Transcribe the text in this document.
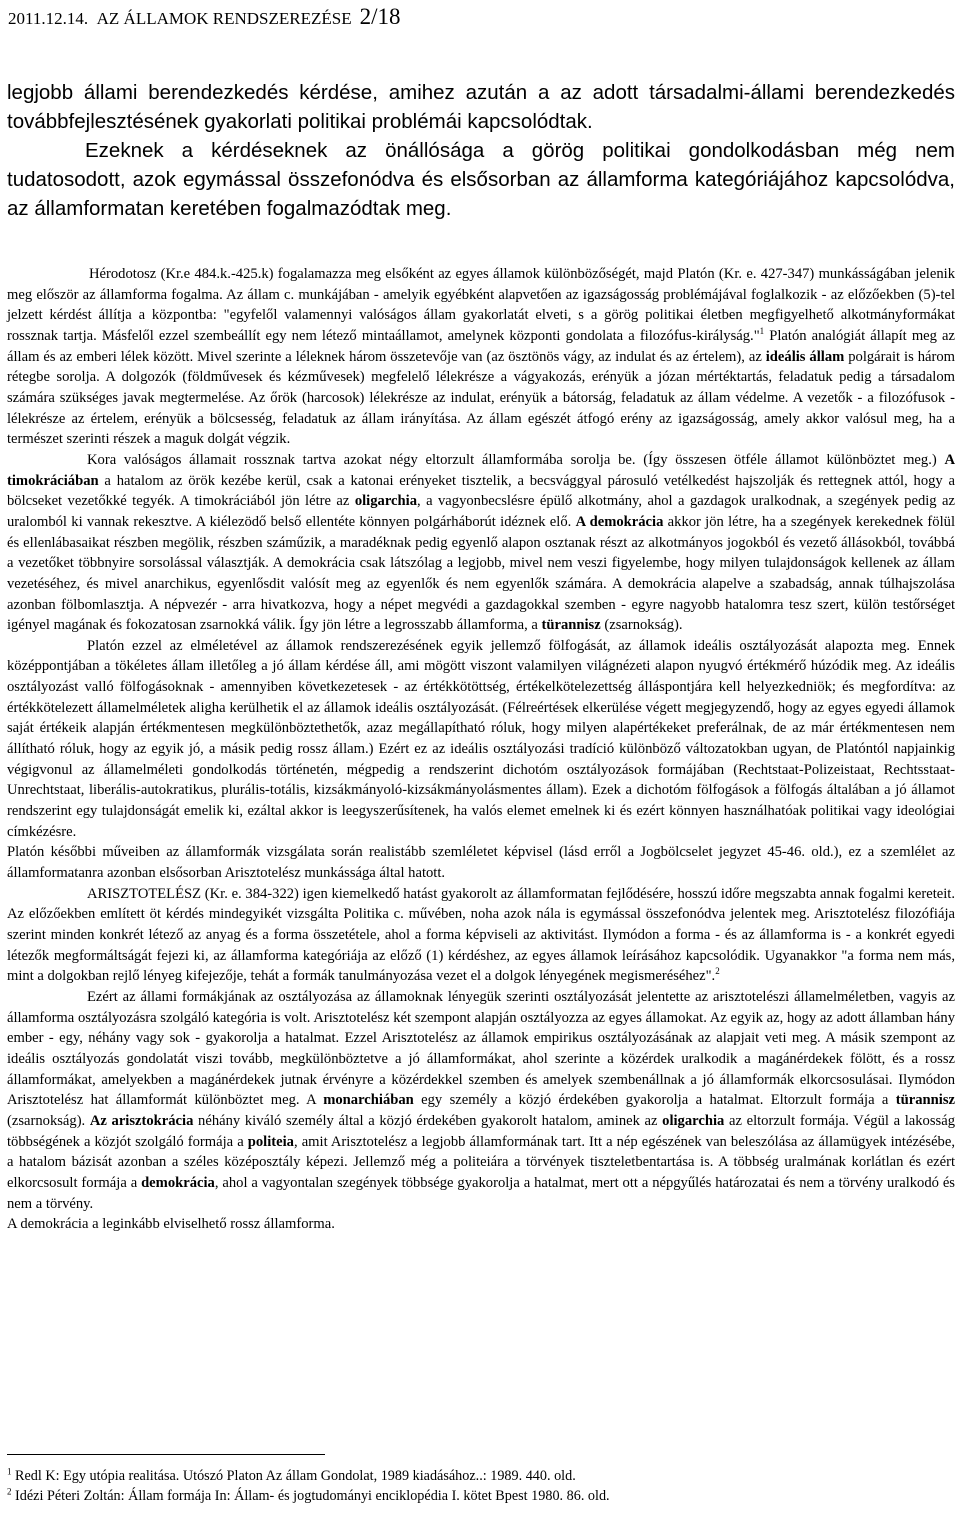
2011.12.14. AZ ÁLLAMOK RENDSZEREZÉSE 2/18

legjobb állami berendezkedés kérdése, amihez azután a az adott társadalmi-állami berendezkedés továbbfejlesztésének gyakorlati politikai problémái kapcsolódtak.

Ezeknek a kérdéseknek az önállósága a görög politikai gondolkodásban még nem tudatosodott, azok egymással összefonódva és elsősorban az államforma kategóriájához kapcsolódva, az államformatan keretében fogalmazódtak meg.

Hérodotosz (Kr.e 484.k.-425.k) fogalamazza meg elsőként az egyes államok különbözőségét, majd Platón (Kr. e. 427-347) munkásságában jelenik meg először az államforma fogalma. Az állam c. munkájában - amelyik egyébként alapvetően az igazságosság problémájával foglalkozik - az előzőekben (5)-tel jelzett kérdést állítja a központba: "egyfelől valamennyi valóságos állam gyakorlatát elveti, s a görög politikai életben megfigyelhető alkotmányformákat rossznak tartja. Másfelől ezzel szembeállít egy nem létező mintaállamot, amelynek központi gondolata a filozófus-királyság."$^1$ Platón analógiát állapít meg az állam és az emberi lélek között. Mivel szerinte a léleknek három összetevője van (az ösztönös vágy, az indulat és az értelem), az ideális állam polgárait is három rétegbe sorolja. A dolgozók (földművesek és kézművesek) megfelelő lélekrésze a vágyakozás, erényük a józan mértéktartás, feladatuk pedig a társadalom számára szükséges javak megtermelése. Az őrök (harcosok) lélekrésze az indulat, erényük a bátorság, feladatuk az állam védelme. A vezetők - a filozófusok - lélekrésze az értelem, erényük a bölcsesség, feladatuk az állam irányítása. Az állam egészét átfogó erény az igazságosság, amely akkor valósul meg, ha a természet szerinti részek a maguk dolgát végzik.

Kora valóságos államait rossznak tartva azokat négy eltorzult államformába sorolja be. (Így összesen ötféle államot különböztet meg.) A timokráciában a hatalom az örök kezébe kerül, csak a katonai erényeket tisztelik, a becsvággyal párosuló vetélkedést hajszolják és rettegnek attól, hogy a bölcseket vezetőkké tegyék. A timokráciából jön létre az oligarchia, a vagyonbecslésre épülő alkotmány, ahol a gazdagok uralkodnak, a szegények pedig az uralomból ki vannak rekesztve. A kiélezödő belső ellentéte könnyen polgárháborút idéznek elő. A demokrácia akkor jön létre, ha a szegények kerekednek fölül és ellenlábasaikat részben megölik, részben száműzik, a maradéknak pedig egyenlő alapon osztanak részt az alkotmányos jogokból és vezető állásokból, továbbá a vezetőket többnyire sorsolással választják. A demokrácia csak látszólag a legjobb, mivel nem veszi figyelembe, hogy milyen tulajdonságok kellenek az állam vezetéséhez, és mivel anarchikus, egyenlősdit valósít meg az egyenlők és nem egyenlők számára. A demokrácia alapelve a szabadság, annak túlhajszolása azonban fölbomlasztja. A népvezér - arra hivatkozva, hogy a népet megvédi a gazdagokkal szemben - egyre nagyobb hatalomra tesz szert, külön testőrséget igényel magának és fokozatosan zsarnokká válik. Így jön létre a legrosszabb államforma, a türannisz (zsarnokság).

Platón ezzel az elméletével az államok rendszerezésének egyik jellemző fölfogását, az államok ideális osztályozását alapozta meg. Ennek középpontjában a tökéletes állam illetőleg a jó állam kérdése áll, ami mögött viszont valamilyen világnézeti alapon nyugvó értékmérő húzódik meg. Az ideális osztályozást valló fölfogásoknak - amennyiben következetesek - az értékkötöttség, értékelkötelezettség álláspontjára kell helyezkedniök; és megfordítva: az értékkötelezett államelméletek aligha kerülhetik el az államok ideális osztályozását. (Félreértések elkerülése végett megjegyzendő, hogy az egyes egyedi államok saját értékeik alapján értékmentesen megkülönböztethetők, azaz megállapítható róluk, hogy milyen alapértékeket preferálnak, de az már értékmentesen nem állítható róluk, hogy az egyik jó, a másik pedig rossz állam.) Ezért ez az ideális osztályozási tradíció különböző változatokban ugyan, de Platóntól napjainkig végigvonul az államelméleti gondolkodás történetén, mégpedig a rendszerint dichotóm osztályozások formájában (Rechtstaat-Polizeistaat, Rechtsstaat-Unrechtstaat, liberális-autokratikus, plurális-totális, kizsákmányoló-kizsákmányolásmentes állam). Ezek a dichotóm fölfogások a fölfogás általában a jó államot rendszerint egy tulajdonságát emelik ki, ezáltal akkor is leegyszerűsítenek, ha valós elemet emelnek ki és ezért könnyen használhatóak politikai vagy ideológiai címkézésre.

Platón későbbi műveiben az államformák vizsgálata során realistább szemléletet képvisel (lásd erről a Jogbölcselet jegyzet 45-46. old.), ez a szemlélet az államformatanra azonban elsősorban Arisztotelész munkássága által hatott.

ARISZTOTELÉSZ (Kr. e. 384-322) igen kiemelkedő hatást gyakorolt az államformatan fejlődésére, hosszú időre megszabta annak fogalmi kereteit. Az előzőekben említett öt kérdés mindegyikét vizsgálta Politika c. művében, noha azok nála is egymással összefonódva jelentek meg. Arisztotelész filozófiája szerint minden konkrét létező az anyag és a forma összetétele, ahol a forma képviseli az aktivitást. Ilymódon a forma - és az államforma is - a konkrét egyedi létezők megformáltságát fejezi ki, az államforma kategóriája az előző (1) kérdéshez, az egyes államok leírásához kapcsolódik. Ugyanakkor "a forma nem más, mint a dolgokban rejlő lényeg kifejezője, tehát a formák tanulmányozása vezet el a dolgok lényegének megismeréséhez".$^2$

Ezért az állami formákjának az osztályozása az államoknak lényegük szerinti osztályozását jelentette az arisztotelészi államelméletben, vagyis az államforma osztályozásra szolgáló kategória is volt. Arisztotelész két szempont alapján osztályozza az egyes államokat. Az egyik az, hogy az adott államban hány ember - egy, néhány vagy sok - gyakorolja a hatalmat. Ezzel Arisztotelész az államok empirikus osztályozásának az alapjait veti meg. A másik szempont az ideális osztályozás gondolatát viszi tovább, megkülönböztetve a jó államformákat, ahol szerinte a közérdek uralkodik a magánérdekek fölött, és a rossz államformákat, amelyekben a magánérdekek jutnak érvényre a közérdekkel szemben és amelyek szembenállnak a jó államformák elkorcsosulásai. Ilymódon Arisztotelész hat államformát különböztet meg. A monarchiában egy személy a közjó érdekében gyakorolja a hatalmat. Eltorzult formája a türannisz (zsarnokság). Az arisztokrácia néhány kiváló személy által a közjó érdekében gyakorolt hatalom, aminek az oligarchia az eltorzult formája. Végül a lakosság többségének a közjót szolgáló formája a politeia, amit Arisztotelész a legjobb államformának tart. Itt a nép egészének van beleszólása az államügyek intézésébe, a hatalom bázisát azonban a széles középosztály képezi. Jellemző még a politeiára a törvények tiszteletbentartása is. A többség uralmának korlátlan és ezért elkorcsosult formája a demokrácia, ahol a vagyontalan szegények többsége gyakorolja a hatalmat, mert ott a népgyűlés határozatai és nem a törvény uralkodó és nem a törvény.

A demokrácia a leginkább elviselhető rossz államforma.

$^1$ Redl K: Egy utópia realitása. Utószó Platon Az állam Gondolat, 1989 kiadásához..: 1989. 440. old.
$^2$ Idézi Péteri Zoltán: Állam formája In: Állam- és jogtudományi enciklopédia I. kötet Bpest 1980. 86. old.
